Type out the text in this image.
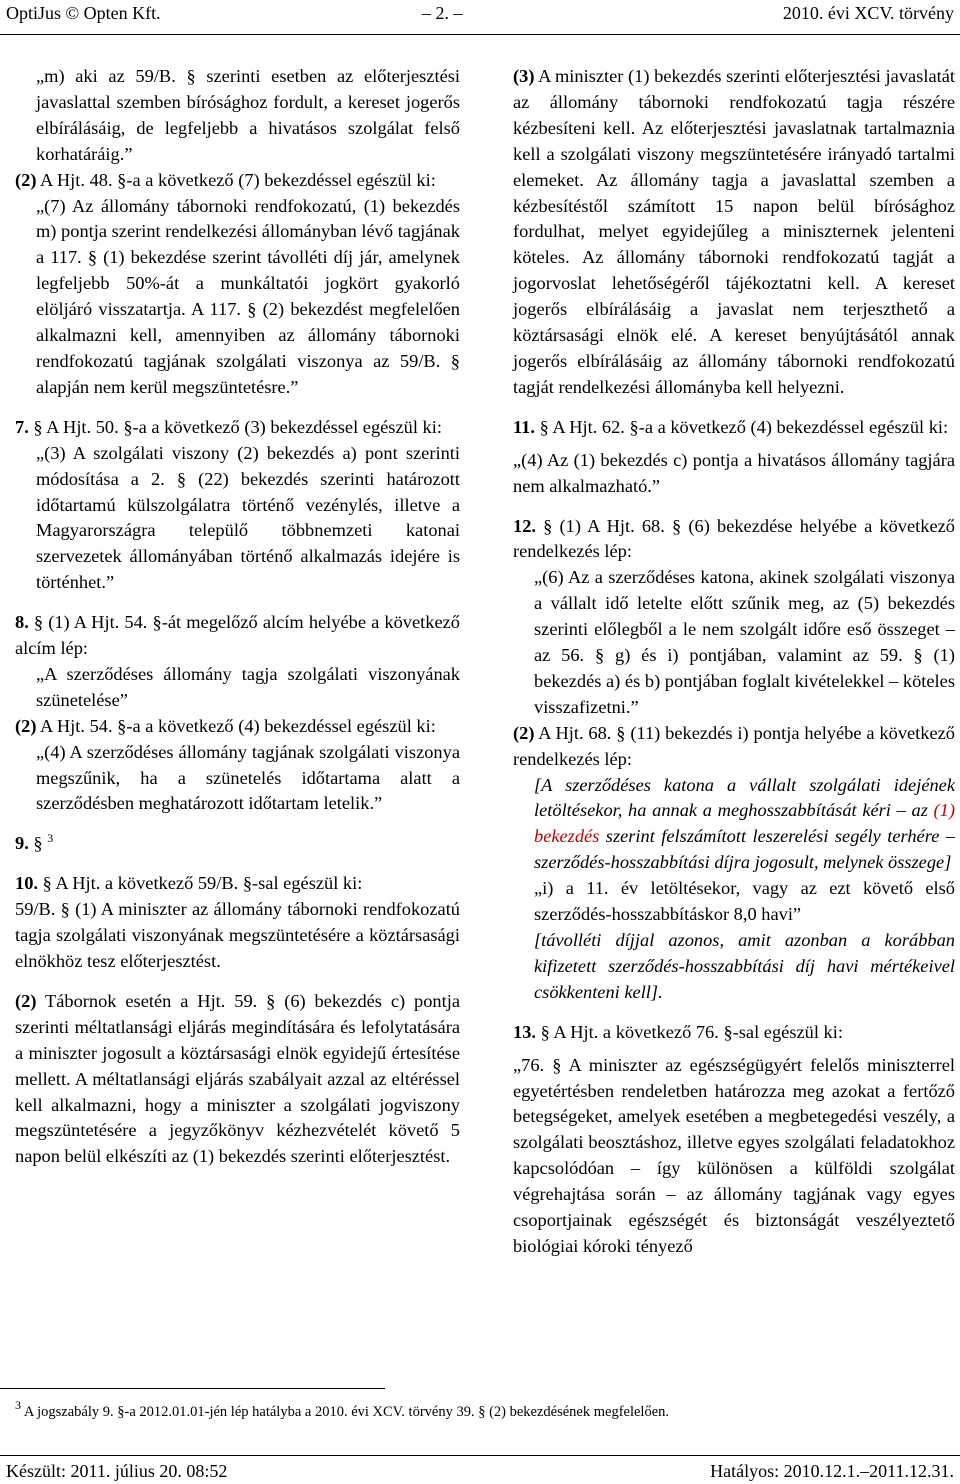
OptiJus © Opten Kft.	– 2. –	2010. évi XCV. törvény

„m) aki az 59/B. § szerinti esetben az előterjesztési javaslattal szemben bírósághoz fordult, a kereset jogerős elbírálásáig, de legfeljebb a hivatásos szolgálat felső korhatáráig.”

(2) A Hjt. 48. §-a a következő (7) bekezdéssel egészül ki:

„(7) Az állomány tábornoki rendfokozatú, (1) bekezdés m) pontja szerint rendelkezési állományban lévő tagjának a 117. § (1) bekezdése szerint távolléti díj jár, amelynek legfeljebb 50%-át a munkáltatói jogkört gyakorló elöljáró visszatartja. A 117. § (2) bekezdést megfelelően alkalmazni kell, amennyiben az állomány tábornoki rendfokozatú tagjának szolgálati viszonya az 59/B. § alapján nem kerül megszüntetésre.”

7. § A Hjt. 50. §-a a következő (3) bekezdéssel egészül ki:

„(3) A szolgálati viszony (2) bekezdés a) pont szerinti módosítása a 2. § (22) bekezdés szerinti határozott időtartamú külszolgálatra történő vezénylés, illetve a Magyarországra települő többnemzeti katonai szervezetek állományában történő alkalmazás idejére is történhet.”

8. § (1) A Hjt. 54. §-át megelőző alcím helyébe a következő alcím lép:

„A szerződéses állomány tagja szolgálati viszonyának szünetelése”

(2) A Hjt. 54. §-a a következő (4) bekezdéssel egészül ki:

„(4) A szerződéses állomány tagjának szolgálati viszonya megszűnik, ha a szünetelés időtartama alatt a szerződésben meghatározott időtartam letelik.”

9. § $^3$

10. § A Hjt. a következő 59/B. §-sal egészül ki:

59/B. § (1) A miniszter az állomány tábornoki rendfokozatú tagja szolgálati viszonyának megszüntetésére a köztársasági elnökhöz tesz előterjesztést.

(2) Tábornok esetén a Hjt. 59. § (6) bekezdés c) pontja szerinti méltatlansági eljárás megindítására és lefolytatására a miniszter jogosult a köztársasági elnök egyidejű értesítése mellett. A méltatlansági eljárás szabályait azzal az eltéréssel kell alkalmazni, hogy a miniszter a szolgálati jogviszony megszüntetésére a jegyzőkönyv kézhezvételét követő 5 napon belül elkészíti az (1) bekezdés szerinti előterjesztést.

(3) A miniszter (1) bekezdés szerinti előterjesztési javaslatát az állomány tábornoki rendfokozatú tagja részére kézbesíteni kell. Az előterjesztési javaslatnak tartalmaznia kell a szolgálati viszony megszüntetésére irányadó tartalmi elemeket. Az állomány tagja a javaslattal szemben a kézbesítéstől számított 15 napon belül bírósághoz fordulhat, melyet egyidejűleg a miniszternek jelenteni köteles. Az állomány tábornoki rendfokozatú tagját a jogorvoslat lehetőségéről tájékoztatni kell. A kereset jogerős elbírálásáig a javaslat nem terjeszthető a köztársasági elnök elé. A kereset benyújtásától annak jogerős elbírálásáig az állomány tábornoki rendfokozatú tagját rendelkezési állományba kell helyezni.

11. § A Hjt. 62. §-a a következő (4) bekezdéssel egészül ki:

„(4) Az (1) bekezdés c) pontja a hivatásos állomány tagjára nem alkalmazható.”

12. § (1) A Hjt. 68. § (6) bekezdése helyébe a következő rendelkezés lép:

„(6) Az a szerződéses katona, akinek szolgálati viszonya a vállalt idő letelte előtt szűnik meg, az (5) bekezdés szerinti előlegből a le nem szolgált időre eső összeget – az 56. § g) és i) pontjában, valamint az 59. § (1) bekezdés a) és b) pontjában foglalt kivételekkel – köteles visszafizetni.”

(2) A Hjt. 68. § (11) bekezdés i) pontja helyébe a következő rendelkezés lép:

[A szerződéses katona a vállalt szolgálati idejének letöltésekor, ha annak a meghosszabbítását kéri – az (1) bekezdés szerint felszámított leszerelési segély terhére – szerződés-hosszabbítási díjra jogosult, melynek összege]

„i) a 11. év letöltésekor, vagy az ezt követő első szerződés-hosszabbításkor 8,0 havi”

[távolléti díjjal azonos, amit azonban a korábban kifizetett szerződés-hosszabbítási díj havi mértékeivel csökkenteni kell].

13. § A Hjt. a következő 76. §-sal egészül ki:

„76. § A miniszter az egészségügyért felelős miniszterrel egyetértésben rendeletben határozza meg azokat a fertőző betegségeket, amelyek esetében a megbetegedési veszély, a szolgálati beosztáshoz, illetve egyes szolgálati feladatokhoz kapcsolódóan – így különösen a külföldi szolgálat végrehajtása során – az állomány tagjának vagy egyes csoportjainak egészségét és biztonságát veszélyeztető biológiai kóroki tényező

$^3$ A jogszabály 9. §-a 2012.01.01-jén lép hatályba a 2010. évi XCV. törvény 39. § (2) bekezdésének megfelelően.
Készült: 2011. július 20. 08:52	Hatályos: 2010.12.1.–2011.12.31.
